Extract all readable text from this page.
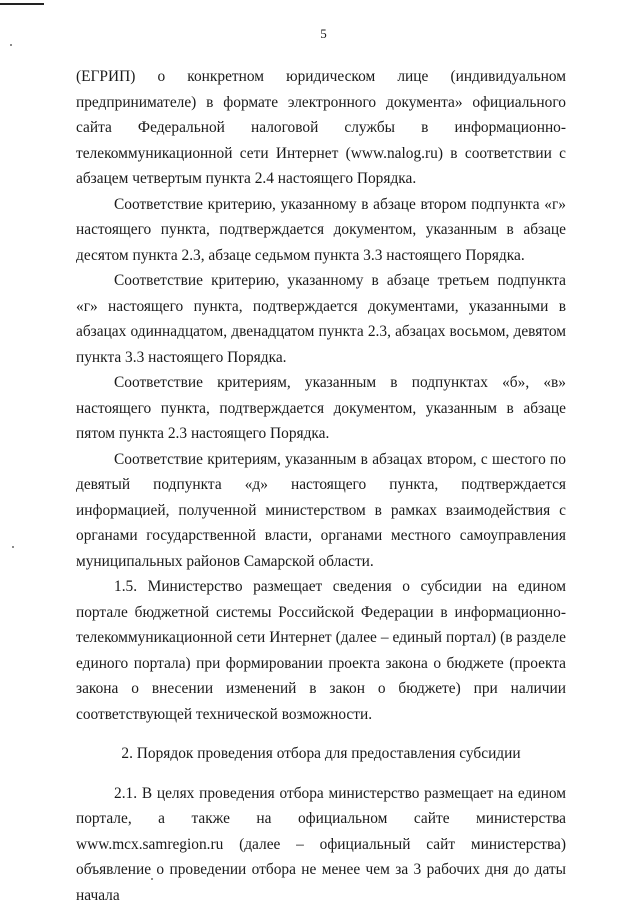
5

(ЕГРИП) о конкретном юридическом лице (индивидуальном предпринимателе) в формате электронного документа» официального сайта Федеральной налоговой службы в информационно-телекоммуникационной сети Интернет (www.nalog.ru) в соответствии с абзацем четвертым пункта 2.4 настоящего Порядка.

Соответствие критерию, указанному в абзаце втором подпункта «г» настоящего пункта, подтверждается документом, указанным в абзаце десятом пункта 2.3, абзаце седьмом пункта 3.3 настоящего Порядка.

Соответствие критерию, указанному в абзаце третьем подпункта «г» настоящего пункта, подтверждается документами, указанными в абзацах одиннадцатом, двенадцатом пункта 2.3, абзацах восьмом, девятом пункта 3.3 настоящего Порядка.

Соответствие критериям, указанным в подпунктах «б», «в» настоящего пункта, подтверждается документом, указанным в абзаце пятом пункта 2.3 настоящего Порядка.

Соответствие критериям, указанным в абзацах втором, с шестого по девятый подпункта «д» настоящего пункта, подтверждается информацией, полученной министерством в рамках взаимодействия с органами государственной власти, органами местного самоуправления муниципальных районов Самарской области.

1.5. Министерство размещает сведения о субсидии на едином портале бюджетной системы Российской Федерации в информационно-телекоммуникационной сети Интернет (далее – единый портал) (в разделе единого портала) при формировании проекта закона о бюджете (проекта закона о внесении изменений в закон о бюджете) при наличии соответствующей технической возможности.

2. Порядок проведения отбора для предоставления субсидии

2.1. В целях проведения отбора министерство размещает на едином портале, а также на официальном сайте министерства www.mcx.samregion.ru (далее – официальный сайт министерства) объявление о проведении отбора не менее чем за 3 рабочих дня до даты начала
